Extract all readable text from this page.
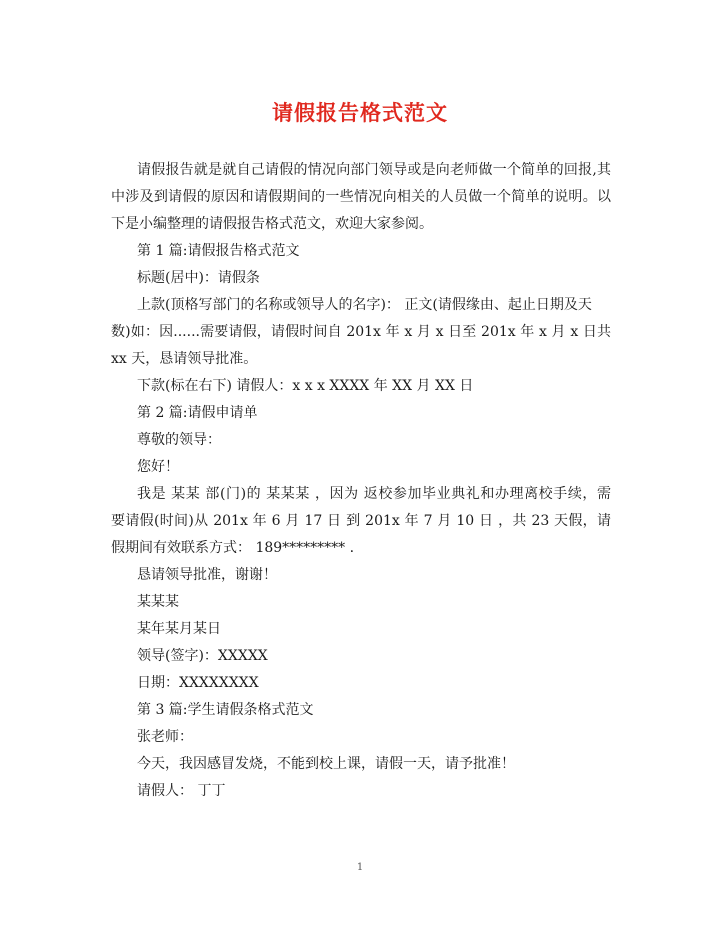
请假报告格式范文
请假报告就是就自己请假的情况向部门领导或是向老师做一个简单的回报,其
中涉及到请假的原因和请假期间的一些情况向相关的人员做一个简单的说明。以
下是小编整理的请假报告格式范文，欢迎大家参阅。
第 1 篇:请假报告格式范文
标题(居中)：请假条
上款(顶格写部门的名称或领导人的名字)： 正文(请假缘由、起止日期及天
数)如：因......需要请假，请假时间自 201x 年 x 月 x 日至 201x 年 x 月 x 日共
xx 天，恳请领导批准。
下款(标在右下) 请假人：x x x XXXX 年 XX 月 XX 日
第 2 篇:请假申请单
尊敬的领导：
您好！
我是 某某 部(门)的 某某某 ，因为 返校参加毕业典礼和办理离校手续，需
要请假(时间)从 201x 年 6 月 17 日 到 201x 年 7 月 10 日 ，共 23 天假，请
假期间有效联系方式： 189********* .
恳请领导批准，谢谢！
某某某
某年某月某日
领导(签字)：XXXXX
日期：XXXXXXXX
第 3 篇:学生请假条格式范文
张老师：
今天，我因感冒发烧，不能到校上课，请假一天，请予批准！
请假人： 丁丁
1
